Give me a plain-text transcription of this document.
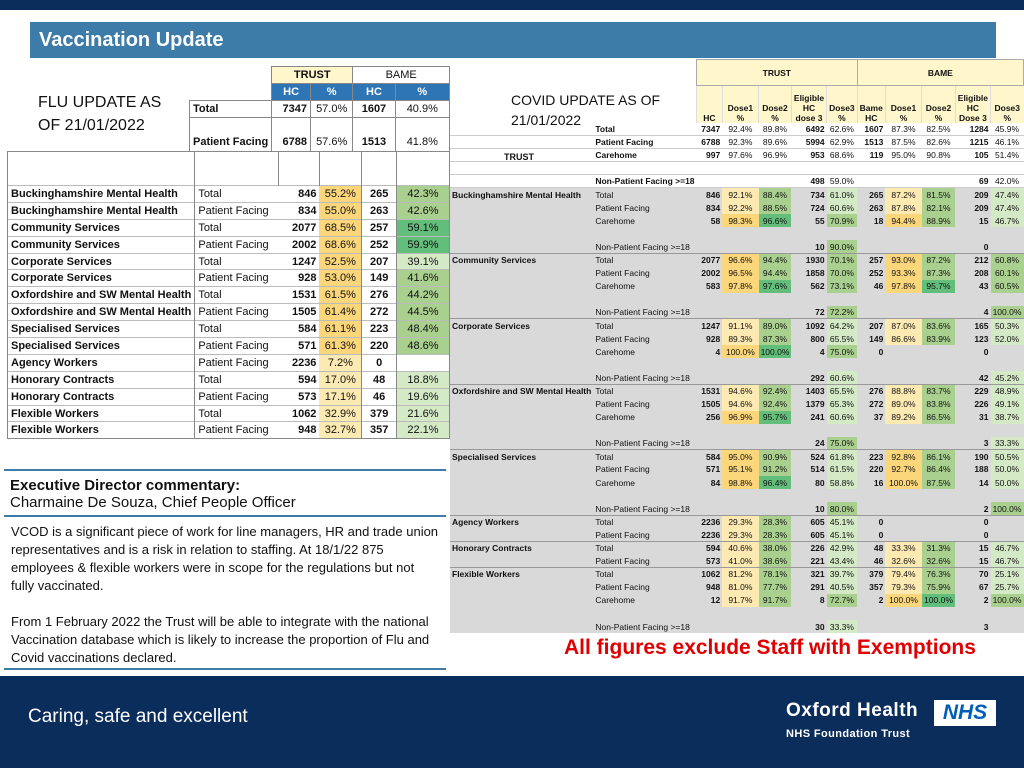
Vaccination Update
FLU UPDATE AS
OF 21/01/2022
	TRUST		BAME	
	HC	%	HC	%
Total	7347	57.0%	1607	40.9%
Patient Facing	6788	57.6%	1513	41.8%

Buckinghamshire Mental Health	Total	846	55.2%	265	42.3%
Buckinghamshire Mental Health	Patient Facing	834	55.0%	263	42.6%
Community Services	Total	2077	68.5%	257	59.1%
Community Services	Patient Facing	2002	68.6%	252	59.9%
Corporate Services	Total	1247	52.5%	207	39.1%
Corporate Services	Patient Facing	928	53.0%	149	41.6%
Oxfordshire and SW Mental Health	Total	1531	61.5%	276	44.2%
Oxfordshire and SW Mental Health	Patient Facing	1505	61.4%	272	44.5%
Specialised Services	Total	584	61.1%	223	48.4%
Specialised Services	Patient Facing	571	61.3%	220	48.6%
Agency Workers	Patient Facing	2236	7.2%	0	
Honorary Contracts	Total	594	17.0%	48	18.8%
Honorary Contracts	Patient Facing	573	17.1%	46	19.6%
Flexible Workers	Total	1062	32.9%	379	21.6%
Flexible Workers	Patient Facing	948	32.7%	357	22.1%
Executive Director commentary:
Charmaine De Souza, Chief People Officer

VCOD is a significant piece of work for line managers, HR and trade union representatives and is a risk in relation to staffing. At 18/1/22 875 employees & flexible workers were in scope for the regulations but not fully vaccinated.

From 1 February 2022 the Trust will be able to integrate with the national Vaccination database which is likely to increase the proportion of Flu and Covid vaccinations declared.

		TRUST					BAME				
		HC	Dose1 %	Dose2 %	Eligible HC dose 3	Dose3 %	Bame HC	Dose1 %	Dose2 %	Eligible HC Dose 3	Dose3 %
	Total	7347	92.4%	89.8%	6492	62.6%	1607	87.3%	82.5%	1284	45.9%
	Patient Facing	6788	92.3%	89.6%	5994	62.9%	1513	87.5%	82.6%	1215	46.1%
	Carehome	997	97.6%	96.9%	953	68.6%	119	95.0%	90.8%	105	51.4%

	Non-Patient Facing >=18				498	59.0%				69	42.0%
Buckinghamshire Mental Health	Total	846	92.1%	88.4%	734	61.0%	265	87.2%	81.5%	209	47.4%
	Patient Facing	834	92.2%	88.5%	724	60.6%	263	87.8%	82.1%	209	47.4%
	Carehome	58	98.3%	96.6%	55	70.9%	18	94.4%	88.9%	15	46.7%

	Non-Patient Facing >=18				10	90.0%				0	
Community Services	Total	2077	96.6%	94.4%	1930	70.1%	257	93.0%	87.2%	212	60.8%
	Patient Facing	2002	96.5%	94.4%	1858	70.0%	252	93.3%	87.3%	208	60.1%
	Carehome	583	97.8%	97.6%	562	73.1%	46	97.8%	95.7%	43	60.5%

	Non-Patient Facing >=18				72	72.2%				4	100.0%
Corporate Services	Total	1247	91.1%	89.0%	1092	64.2%	207	87.0%	83.6%	165	50.3%
	Patient Facing	928	89.3%	87.3%	800	65.5%	149	86.6%	83.9%	123	52.0%
	Carehome	4	100.0%	100.0%	4	75.0%	0			0	

	Non-Patient Facing >=18				292	60.6%				42	45.2%
Oxfordshire and SW Mental Health	Total	1531	94.6%	92.4%	1403	65.5%	276	88.8%	83.7%	229	48.9%
	Patient Facing	1505	94.6%	92.4%	1379	65.3%	272	89.0%	83.8%	226	49.1%
	Carehome	256	96.9%	95.7%	241	60.6%	37	89.2%	86.5%	31	38.7%

	Non-Patient Facing >=18				24	75.0%				3	33.3%
Specialised Services	Total	584	95.0%	90.9%	524	61.8%	223	92.8%	86.1%	190	50.5%
	Patient Facing	571	95.1%	91.2%	514	61.5%	220	92.7%	86.4%	188	50.0%
	Carehome	84	98.8%	96.4%	80	58.8%	16	100.0%	87.5%	14	50.0%

	Non-Patient Facing >=18				10	80.0%				2	100.0%
Agency Workers	Total	2236	29.3%	28.3%	605	45.1%	0			0	
	Patient Facing	2236	29.3%	28.3%	605	45.1%	0			0	
Honorary Contracts	Total	594	40.6%	38.0%	226	42.9%	48	33.3%	31.3%	15	46.7%
	Patient Facing	573	41.0%	38.6%	221	43.4%	46	32.6%	32.6%	15	46.7%
Flexible Workers	Total	1062	81.2%	78.1%	321	39.7%	379	79.4%	76.3%	70	25.1%
	Patient Facing	948	81.0%	77.7%	291	40.5%	357	79.3%	75.9%	67	25.7%
	Carehome	12	91.7%	91.7%	8	72.7%	2	100.0%	100.0%	2	100.0%

	Non-Patient Facing >=18				30	33.3%				3	
COVID UPDATE AS OF
21/01/2022
TRUST
All figures exclude Staff with Exemptions
Caring, safe and excellent	Oxford Health
NHS Foundation Trust
NHS
